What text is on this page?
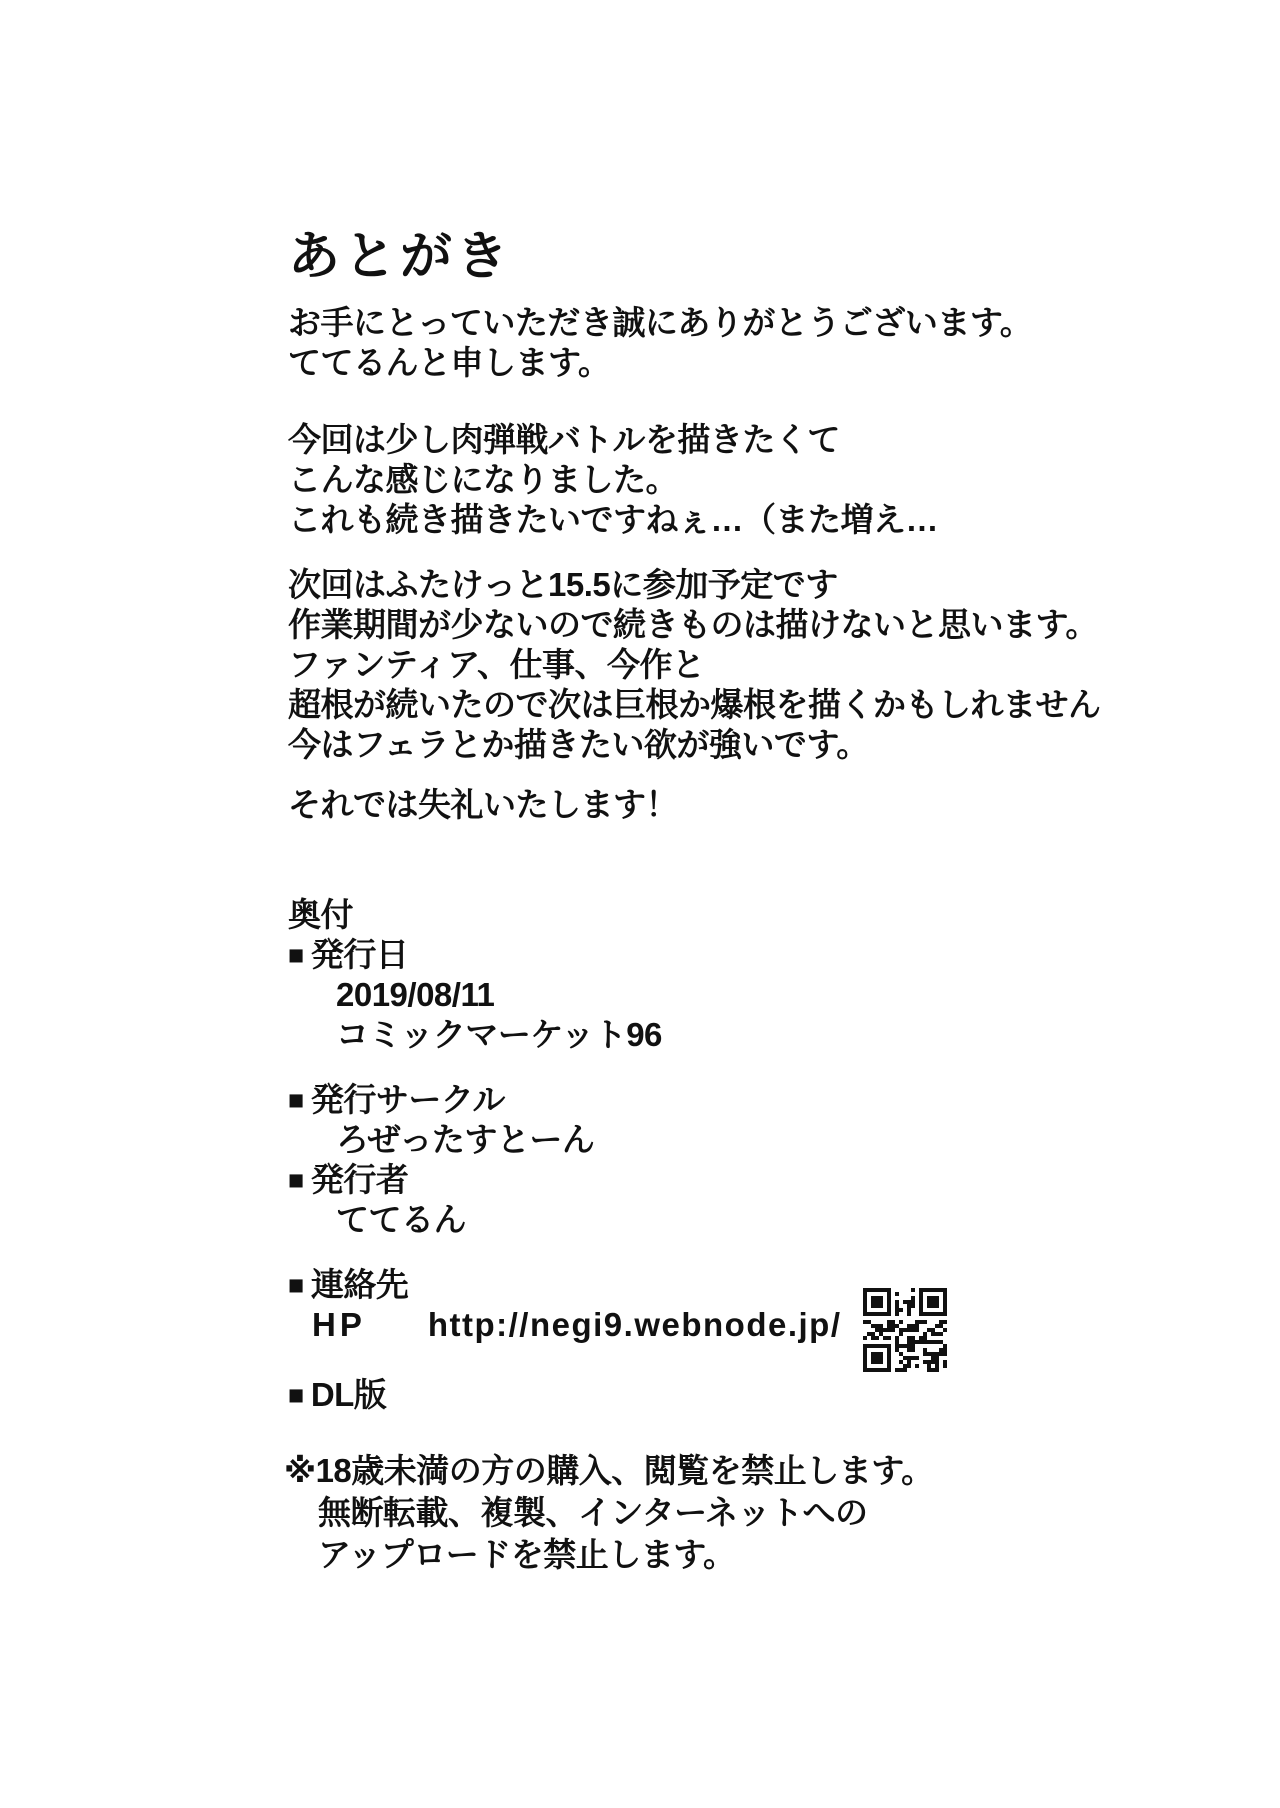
あとがき
お手にとっていただき誠にありがとうございます。
ててるんと申します。
今回は少し肉弾戦バトルを描きたくて
こんな感じになりました。
これも続き描きたいですねぇ…（また増え…
次回はふたけっと15.5に参加予定です
作業期間が少ないので続きものは描けないと思います。
ファンティア、仕事、今作と
超根が続いたので次は巨根か爆根を描くかもしれません
今はフェラとか描きたい欲が強いです。
それでは失礼いたします！
奥付
■ 発行日
2019/08/11
コミックマーケット96
■ 発行サークル
ろぜったすとーん
■ 発行者
ててるん
■ 連絡先
HP http://negi9.webnode.jp/
■ DL版
※18歳未満の方の購入、閲覧を禁止します。
無断転載、複製、インターネットへの
アップロードを禁止します。
